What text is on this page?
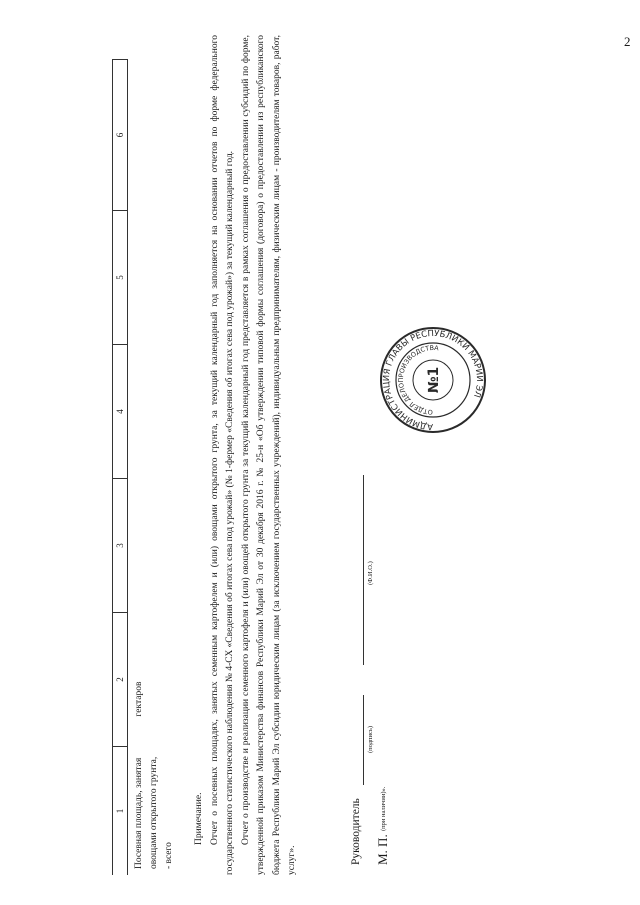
2
1	2	3	4	5	6
Посевная площадь, занятая овощами открытого грунта, - всего	гектаров				

Примечание. Отчет о посевных площадях, занятых семенным картофелем и (или) овощами открытого грунта, за текущий календарный год заполняется на основании отчетов по форме федерального государственного статистического наблюдения № 4-СХ «Сведения об итогах сева под урожай» (№ 1-фермер «Сведения об итогах сева под урожай») за текущий календарный год. Отчет о производстве и реализации семенного картофеля и (или) овощей открытого грунта за текущий календарный год представляется в рамках соглашения о предоставлении субсидий по форме, утвержденной приказом Министерства финансов Республики Марий Эл от 30 декабря 2016 г. № 25-н «Об утверждении типовой формы соглашения (договора) о предоставлении из республиканского бюджета Республики Марий Эл субсидии юридическим лицам (за исключением государственных учреждений), индивидуальным предпринимателям, физическим лицам - производителям товаров, работ, услуг».	Руководитель
(подпись)
(Ф.И.О.)
М. П.
(при наличии)».
АДМИНИСТРАЦИЯ ГЛАВЫ РЕСПУБЛИКИ МАРИЙ ЭЛ
ОТДЕЛ ДЕЛОПРОИЗВОДСТВА
№1
